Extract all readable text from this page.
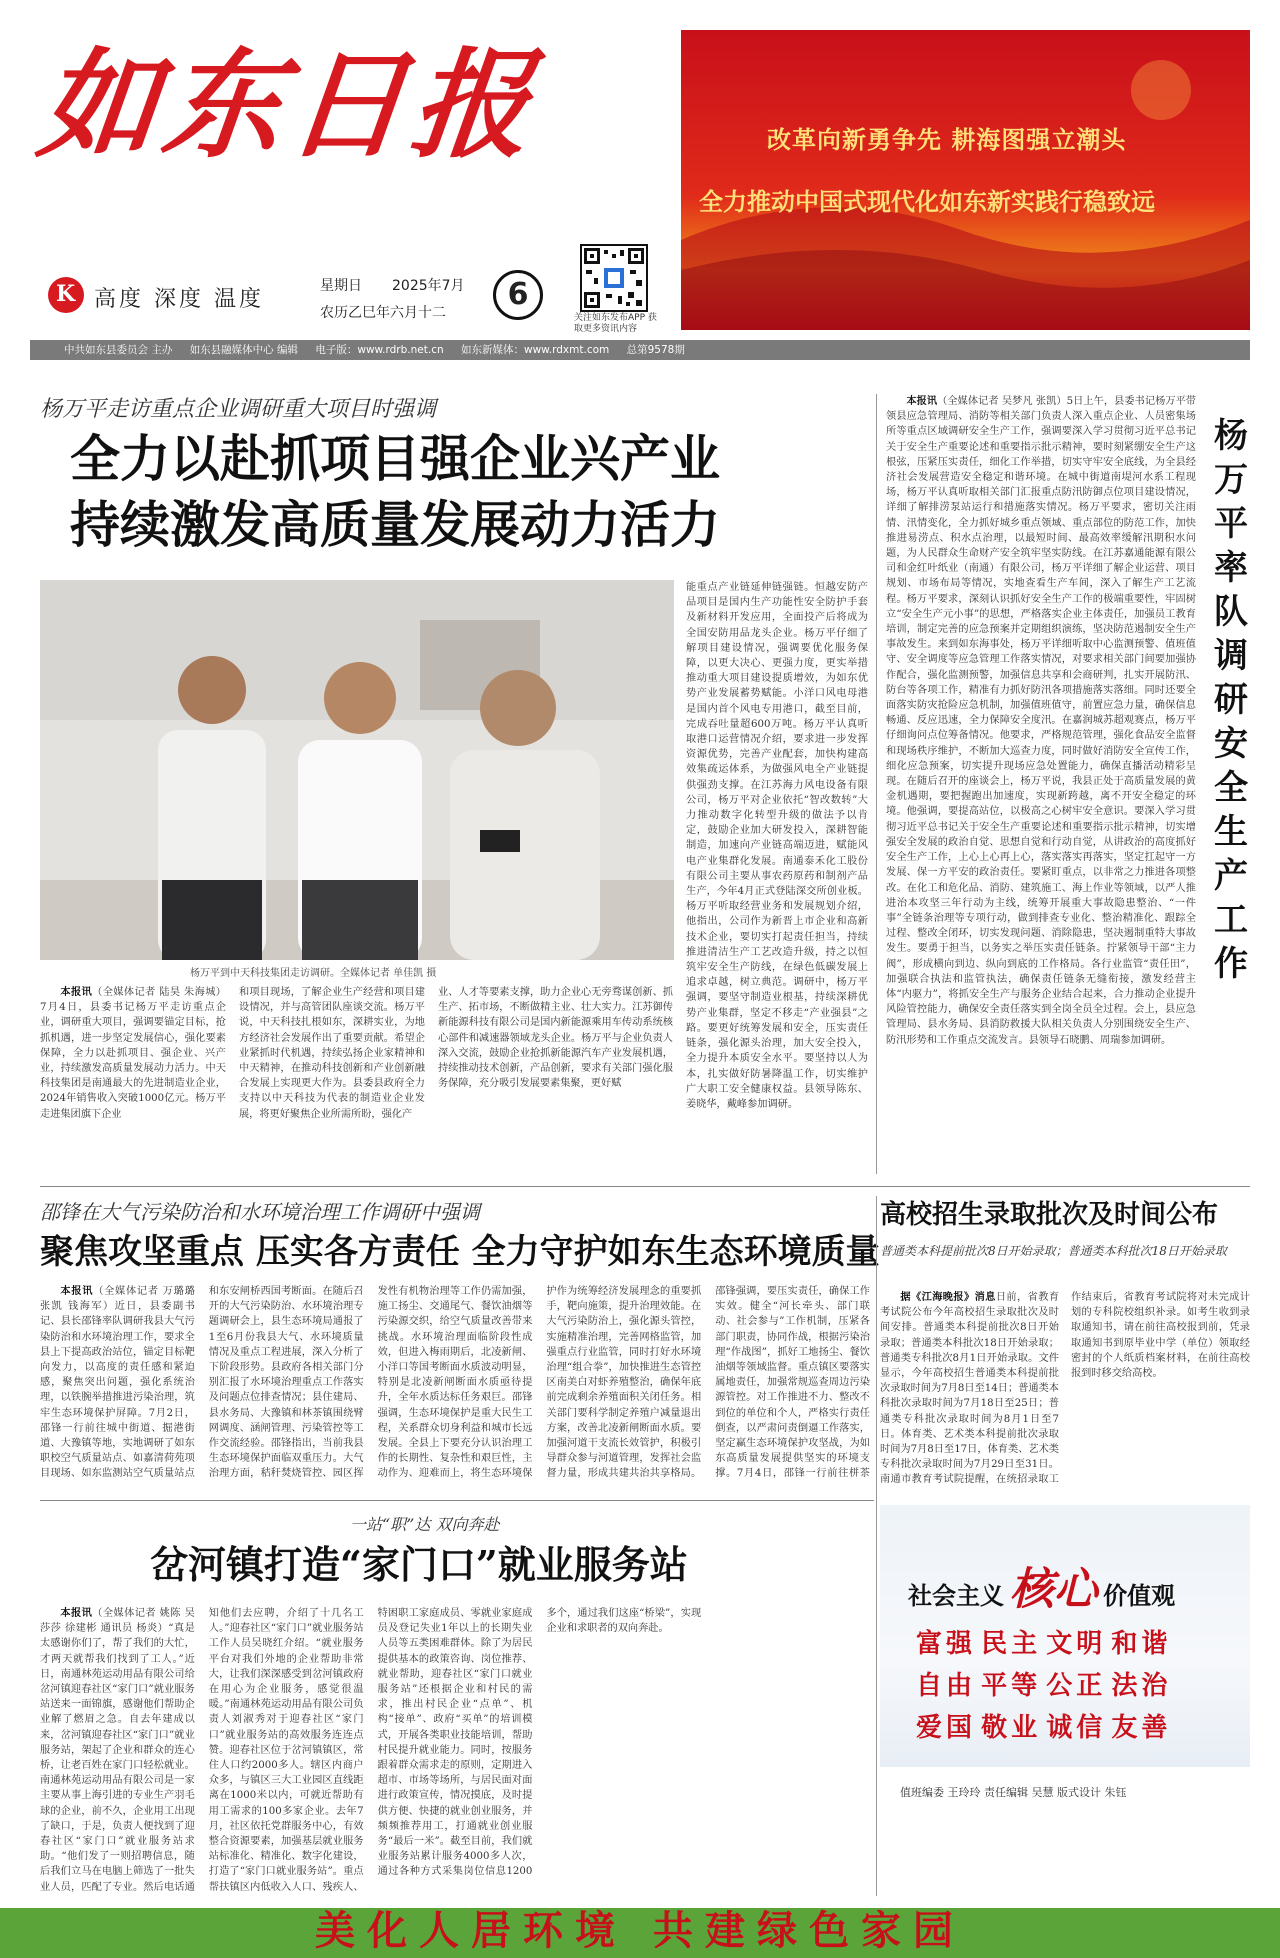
如东日报
K 高度 深度 温度
星期日 2025年7月
农历乙巳年六月十二
6
关注如东发布APP 获取更多资讯内容
改革向新勇争先 耕海图强立潮头
全力推动中国式现代化如东新实践行稳致远
中共如东县委员会 主办 如东县融媒体中心 编辑 电子版：www.rdrb.net.cn 如东新媒体：www.rdxmt.com 总第9578期
杨万平走访重点企业调研重大项目时强调
全力以赴抓项目强企业兴产业
持续激发高质量发展动力活力
杨万平到中天科技集团走访调研。全媒体记者 单佳凯 摄
本报讯（全媒体记者 陆昊 朱海城）7月4日，县委书记杨万平走访重点企业，调研重大项目，强调要锚定目标，抢抓机遇，进一步坚定发展信心，强化要素保障，全力以赴抓项目、强企业、兴产业，持续激发高质量发展动力活力。中天科技集团是南通最大的先进制造业企业，2024年销售收入突破1000亿元。杨万平走进集团旗下企业
和项目现场，了解企业生产经营和项目建设情况，并与高管团队座谈交流。杨万平说，中天科技扎根如东，深耕实业，为地方经济社会发展作出了重要贡献。希望企业紧抓时代机遇，持续弘扬企业家精神和中天精神，在推动科技创新和产业创新融合发展上实现更大作为。县委县政府全力支持以中天科技为代表的制造业企业发展，将更好聚焦企业所需所盼，强化产
业、人才等要素支撑，助力企业心无旁骛谋创新、抓生产、拓市场，不断做精主业、壮大实力。江苏御传新能源科技有限公司是国内新能源乘用车传动系统核心部件和减速器领域龙头企业。杨万平与企业负责人深入交流，鼓励企业抢抓新能源汽车产业发展机遇，持续推动技术创新，产品创新，要求有关部门强化服务保障，充分吸引发展要素集聚，更好赋
能重点产业链延伸链强链。恒越安防产品项目是国内生产功能性安全防护手套及新材料开发应用，全面投产后将成为全国安防用品龙头企业。杨万平仔细了解项目建设情况，强调要优化服务保障，以更大决心、更强力度，更实举措推动重大项目建设提质增效，为如东优势产业发展蓄势赋能。小洋口风电母港是国内首个风电专用港口，截至目前，完成吞吐量超600万吨。杨万平认真听取港口运营情况介绍，要求进一步发挥资源优势，完善产业配套，加快构建高效集疏运体系，为做强风电全产业链提供强劲支撑。在江苏海力风电设备有限公司，杨万平对企业依托“智改数转”大力推动数字化转型升级的做法予以肯定，鼓励企业加大研发投入，深耕智能制造，加速向产业链高端迈进，赋能风电产业集群化发展。南通泰禾化工股份有限公司主要从事农药原药和制剂产品生产，今年4月正式登陆深交所创业板。杨万平听取经营业务和发展规划介绍，他指出，公司作为新晋上市企业和高新技术企业，要切实打起责任担当，持续推进清洁生产工艺改造升级，持之以恒筑牢安全生产防线，在绿色低碳发展上追求卓越，树立典范。调研中，杨万平强调，要坚守制造业根基，持续深耕优势产业集群，坚定不移走“产业强县”之路。要更好统筹发展和安全，压实责任链条，强化源头治理，加大安全投入，全力提升本质安全水平。要坚持以人为本，扎实做好防暑降温工作，切实维护广大职工安全健康权益。县领导陈东、姜晓华，戴峰参加调研。
本报讯（全媒体记者 吴梦凡 张凯）5日上午，县委书记杨万平带领县应急管理局、消防等相关部门负责人深入重点企业、人员密集场所等重点区域调研安全生产工作，强调要深入学习贯彻习近平总书记关于安全生产重要论述和重要指示批示精神，要时刻紧绷安全生产这根弦，压紧压实责任，细化工作举措，切实守牢安全底线，为全县经济社会发展营造安全稳定和谐环境。在城中街道南堤河水系工程现场，杨万平认真听取相关部门汇报重点防汛防御点位项目建设情况，详细了解排涝泵站运行和措施落实情况。杨万平要求，密切关注雨情、汛情变化，全力抓好城乡重点领域、重点部位的防范工作，加快推进易涝点、积水点治理，以最短时间、最高效率缓解汛期积水问题，为人民群众生命财产安全筑牢坚实防线。在江苏嘉通能源有限公司和金红叶纸业（南通）有限公司，杨万平详细了解企业运营、项目规划、市场布局等情况，实地查看生产车间，深入了解生产工艺流程。杨万平要求，深刻认识抓好安全生产工作的极端重要性，牢固树立“安全生产元小事”的思想，严格落实企业主体责任，加强员工教育培训，制定完善的应急预案并定期组织演练，坚决防范遏制安全生产事故发生。来到如东海事处，杨万平详细听取中心监测预警、值班值守、安全调度等应急管理工作落实情况，对要求相关部门间要加强协作配合，强化监测预警，加强信息共享和会商研判，扎实开展防汛、防台等各项工作，精准有力抓好防汛各项措施落实落细。同时还要全面落实防灾抢险应急机制，加强值班值守，前置应急力量，确保信息畅通、反应迅速，全力保障安全度汛。在嘉润城苏超观赛点，杨万平仔细询问点位筹备情况。他要求，严格规范管理，强化食品安全监督和现场秩序维护，不断加大巡查力度，同时做好消防安全宣传工作，细化应急预案，切实提升现场应急处置能力，确保直播活动精彩呈现。在随后召开的座谈会上，杨万平说，我县正处于高质量发展的黄金机遇期，要把握跑出加速度，实现新跨越，离不开安全稳定的环境。他强调，要提高站位，以极高之心树牢安全意识。要深入学习贯彻习近平总书记关于安全生产重要论述和重要指示批示精神，切实增强安全发展的政治自觉、思想自觉和行动自觉，从讲政治的高度抓好安全生产工作，上心上心再上心，落实落实再落实，坚定扛起守一方发展、保一方平安的政治责任。要紧盯重点，以非常之力推进各项整改。在化工和危化品、消防、建筑施工、海上作业等领域，以严人推进治本攻坚三年行动为主线，统筹开展重大事故隐患整治、“一件事”全链条治理等专项行动，做到排查专业化、整治精准化、跟踪全过程、整改全闭环，切实发现问题、消除隐患，坚决遏制重特大事故发生。要勇于担当，以务实之举压实责任链条。拧紧领导干部“主力阀”，形成横向到边、纵向到底的工作格局。各行业监管“责任田”，加强联合执法和监管执法，确保责任链条无缝衔接，激发经营主体“内驱力”，将抓安全生产与服务企业结合起来，合力推动企业提升风险管控能力，确保安全责任落实到全岗全员全过程。会上，县应急管理局、县水务局、县消防救援大队相关负责人分别围绕安全生产、防汛形势和工作重点交流发言。县领导石晓鹏、周瑞参加调研。
杨万平率队调研安全生产工作
邵锋在大气污染防治和水环境治理工作调研中强调
聚焦攻坚重点 压实各方责任 全力守护如东生态环境质量
本报讯（全媒体记者 万璐璐 张凯 钱海军）近日，县委副书记、县长邵锋率队调研我县大气污染防治和水环境治理工作，要求全县上下提高政治站位，锚定目标靶向发力，以高度的责任感和紧迫感，聚焦突出问题，强化系统治理，以铁腕举措推进污染治理，筑牢生态环境保护屏障。7月2日，邵锋一行前往城中街道、掘港街道、大豫镇等地，实地调研了如东职校空气质量站点、如嘉清荷苑项目现场、如东监测站空气质量站点和东安闸桥西国考断面。在随后召开的大气污染防治、水环境治理专题调研会上，县生态环境局通报了1至6月份我县大气、水环境质量情况及重点工程进展，深入分析了下阶段形势。县政府各相关部门分别汇报了水环境治理重点工作落实及问题点位排查情况；县住建局、县水务局、大豫镇和林茶镇围绕臂网调度、涵闸管理、污染管控等工作交流经验。邵锋指出，当前我县生态环境保护面临双重压力。大气治理方面，秸秆焚烧管控、园区挥发性有机物治理等工作仍需加强，施工扬尘、交通尾气、餐饮油烟等污染源交织，给空气质量改善带来挑战。水环境治理面临阶段性成效，但进入梅雨期后，北凌新闸、小洋口等国考断面水质波动明显，特别是北凌新闸断面水质亟待提升，全年水质达标任务艰巨。邵锋强调，生态环境保护是重大民生工程，关系群众切身利益和城市长远发展。全县上下要充分认识治理工作的长期性、复杂性和艰巨性，主动作为、迎难而上，将生态环境保护作为统筹经济发展理念的重要抓手，靶向施策，提升治理效能。在大气污染防治上，强化源头管控，实施精准治理，完善网格监管，加强重点行业监管，同时打好水环境治理“组合拳”，加快推进生态管控区南美白对虾养殖整治，确保年底前完成剩余养殖面积关闭任务。相关部门要科学制定养殖户减量退出方案，改善北凌新闸断面水质。要加强河道干支流长效管护，积极引导群众参与河道管理，发挥社会监督力量，形成共建共治共享格局。邵锋强调，要压实责任，确保工作实效。健全“河长牵头、部门联动、社会参与”工作机制，压紧各部门职责，协同作战，根据污染治理“作战图”，抓好工地扬尘、餐饮油烟等领域监督。重点镇区要落实属地责任，加强常规巡查周边污染源管控。对工作推进不力、整改不到位的单位和个人，严格实行责任倒查，以严肃问责倒逼工作落实，坚定赢生态环境保护攻坚战，为如东高质量发展提供坚实的环境支撑。7月4日，邵锋一行前往栟茶
一站“职”达 双向奔赴
岔河镇打造“家门口”就业服务站
本报讯（全媒体记者 姚陈 吴莎莎 徐建彬 通讯员 杨炎）“真是太感谢你们了，帮了我们的大忙，才两天就帮我们找到了工人。”近日，南通林苑运动用品有限公司给岔河镇迎春社区“家门口”就业服务站送来一面锦旗，感谢他们帮助企业解了燃眉之急。自去年建成以来，岔河镇迎春社区“家门口”就业服务站，架起了企业和群众的连心桥，让老百姓在家门口轻松就业。南通林苑运动用品有限公司是一家主要从事上海引进的专业生产羽毛球的企业，前不久，企业用工出现了缺口，于是，负责人便找到了迎春社区“家门口”就业服务站求助。“他们发了一则招聘信息，随后我们立马在电脑上筛选了一批失业人员，匹配了专业。然后电话通知他们去应聘，介绍了十几名工人。”迎春社区“家门口”就业服务站工作人员吴晓红介绍。“就业服务平台对我们外地的企业帮助非常大，让我们深深感受到岔河镇政府在用心为企业服务，感觉很温暖。”南通林苑运动用品有限公司负责人刘淑秀对于迎春社区“家门口”就业服务站的高效服务连连点赞。迎春社区位于岔河镇镇区，常住人口约2000多人。辖区内商户众多，与镇区三大工业园区直线距离在1000米以内，可就近帮助有用工需求的100多家企业。去年7月，社区依托党群服务中心，有效整合资源要素，加强基层就业服务站标准化、精准化、数字化建设，打造了“家门口就业服务站”。重点帮扶镇区内低收入人口、残疾人、特困职工家庭成员、零就业家庭成员及登记失业1年以上的长期失业人员等五类困难群体。除了为居民提供基本的政策咨询、岗位推荐、就业帮助，迎春社区“家门口就业服务站”还根据企业和村民的需求，推出村民企业“点单”、机构“接单”、政府“买单”的培训模式，开展各类职业技能培训，帮助村民提升就业能力。同时，按服务跟着群众需求走的原则，定期进入超市、市场等场所，与居民面对面进行政策宣传，情况摸底，及时提供方便、快捷的就业创业服务，并频频推荐用工，打通就业创业服务“最后一米”。截至目前，我们就业服务站累计服务4000多人次，通过各种方式采集岗位信息1200多个，通过我们这座“桥梁”，实现企业和求职者的双向奔赴。
高校招生录取批次及时间公布
普通类本科提前批次8日开始录取；普通类本科批次18日开始录取
据《江海晚报》消息日前，省教育考试院公布今年高校招生录取批次及时间安排。普通类本科提前批次8日开始录取；普通类本科批次18日开始录取；普通类专科批次8月1日开始录取。文件显示，今年高校招生普通类本科提前批次录取时间为7月8日至14日；普通类本科批次录取时间为7月18日至25日；普通类专科批次录取时间为8月1日至7日。体育类、艺术类本科提前批次录取时间为7月8日至17日，体育类、艺术类专科批次录取时间为7月29日至31日。南通市教育考试院提醒，在统招录取工作结束后，省教育考试院将对未完成计划的专科院校组织补录。如考生收到录取通知书，请在前往高校报到前，凭录取通知书到原毕业中学（单位）领取经密封的个人纸质档案材料，在前往高校报到时移交给高校。
社会主义 核心 价值观
富强 民主 文明 和谐
自由 平等 公正 法治
爱国 敬业 诚信 友善
值班编委 王玲玲 责任编辑 吴慧 版式设计 朱钰
美化人居环境 共建绿色家园
